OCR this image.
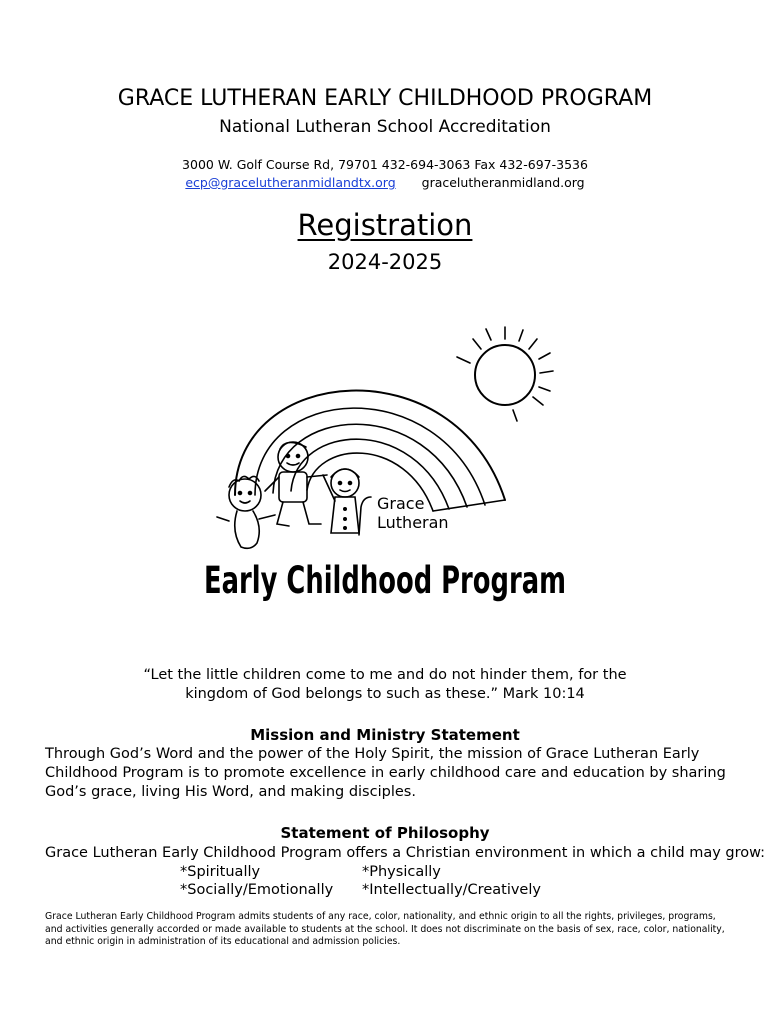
GRACE LUTHERAN EARLY CHILDHOOD PROGRAM
National Lutheran School Accreditation
3000 W. Golf Course Rd, 79701 432-694-3063 Fax 432-697-3536
ecp@gracelutheranmidlandtx.org gracelutheranmidland.org
Registration
2024-2025
Grace
Lutheran
Early Childhood Program
“Let the little children come to me and do not hinder them, for the
kingdom of God belongs to such as these.” Mark 10:14
Mission and Ministry Statement
Through God’s Word and the power of the Holy Spirit, the mission of Grace Lutheran Early Childhood Program is to promote excellence in early childhood care and education by sharing God’s grace, living His Word, and making disciples.
Statement of Philosophy
Grace Lutheran Early Childhood Program offers a Christian environment in which a child may grow:
*Spiritually	*Physically
*Socially/Emotionally *Intellectually/Creatively
Grace Lutheran Early Childhood Program admits students of any race, color, nationality, and ethnic origin to all the rights, privileges, programs, and activities generally accorded or made available to students at the school. It does not discriminate on the basis of sex, race, color, nationality, and ethnic origin in administration of its educational and admission policies.
